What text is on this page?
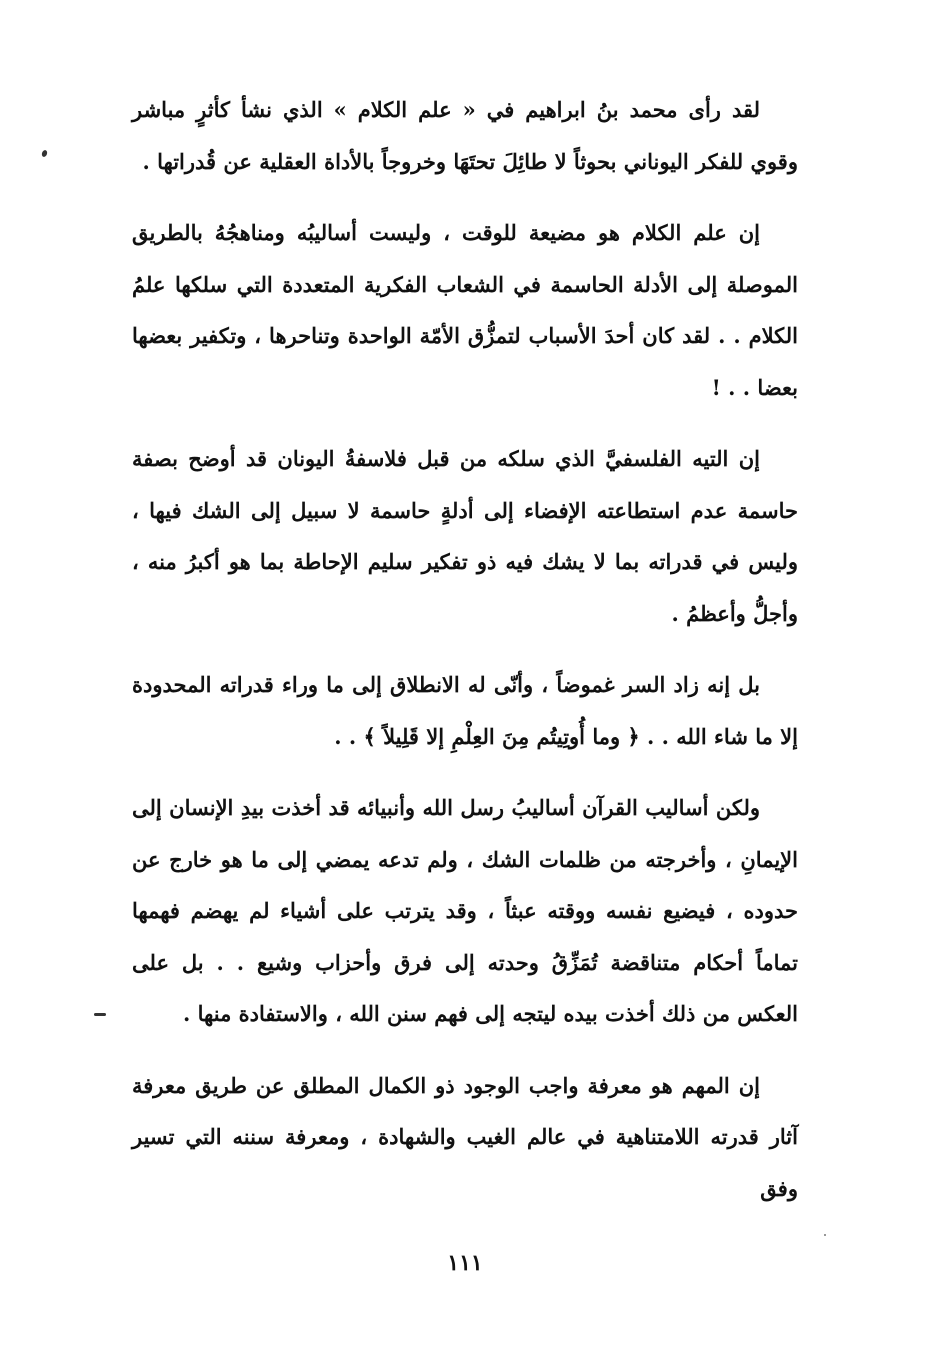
لقد رأى محمد بنُ ابراهيم في « علم الكلام » الذي نشأ كأثرٍ مباشر وقوي للفكر اليوناني بحوثاً لا طائِلَ تحتَهَا وخروجاً بالأداة العقلية عن قُدراتها .

إن علم الكلام هو مضيعة للوقت ، وليست أساليبُه ومناهجُهُ بالطريق الموصلة إلى الأدلة الحاسمة في الشعاب الفكرية المتعددة التي سلكها علمُ الكلام . . لقد كان أحدَ الأسباب لتمزُّق الأمّة الواحدة وتناحرها ، وتكفير بعضها بعضا . . !

إن التيه الفلسفيَّ الذي سلكه من قبل فلاسفةُ اليونان قد أوضح بصفة حاسمة عدم استطاعته الإفضاء إلى أدلةٍ حاسمة لا سبيل إلى الشك فيها ، وليس في قدراته بما لا يشك فيه ذو تفكير سليم الإحاطة بما هو أكبرُ منه ، وأجلُّ وأعظمُ .

بل إنه زاد السر غموضاً ، وأنّى له الانطلاق إلى ما وراء قدراته المحدودة إلا ما شاء الله . . ﴿ وما أُوتِيتُم مِنَ العِلْمِ إلا قَلِيلاً ﴾ . .

ولكن أساليب القرآن أساليبُ رسل الله وأنبيائه قد أخذت بيدِ الإنسان إلى الإيمانِ ، وأخرجته من ظلمات الشك ، ولم تدعه يمضي إلى ما هو خارج عن حدوده ، فيضيع نفسه ووقته عبثاً ، وقد يترتب على أشياء لم يهضم فهمها تماماً أحكام متناقضة تُمَزِّقُ وحدته إلى فرق وأحزاب وشيع . . بل على العكس من ذلك أخذت بيده ليتجه إلى فهم سنن الله ، والاستفادة منها .

إن المهم هو معرفة واجب الوجود ذو الكمال المطلق عن طريق معرفة آثار قدرته اللامتناهية في عالم الغيب والشهادة ، ومعرفة سننه التي تسير وفق

١١١
